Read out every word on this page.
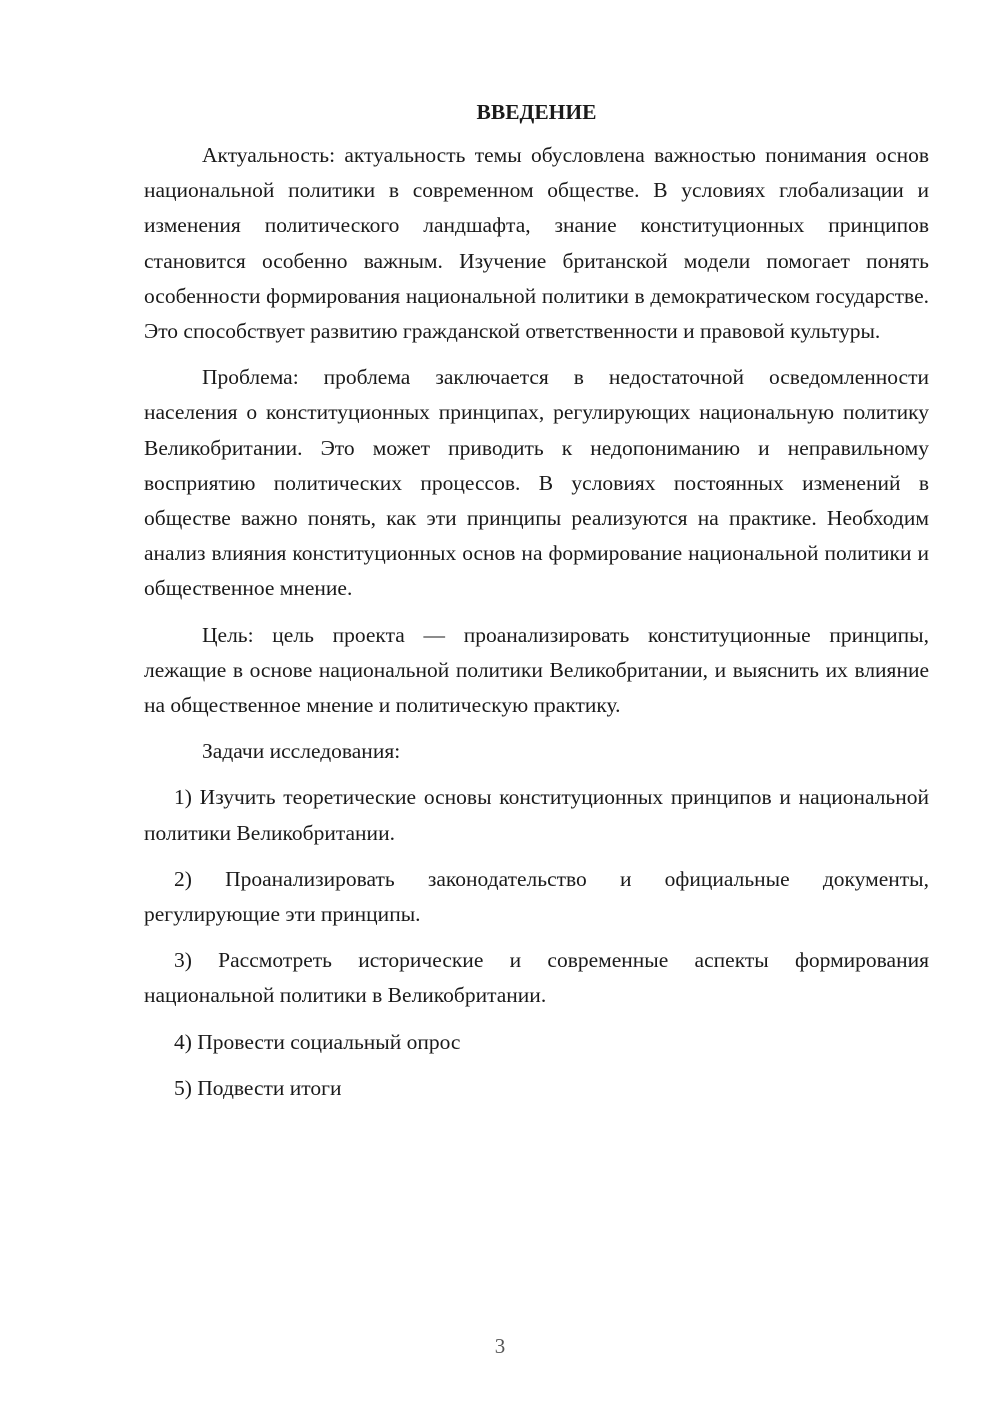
ВВЕДЕНИЕ

Актуальность: актуальность темы обусловлена важностью понимания основ национальной политики в современном обществе. В условиях глобализации и изменения политического ландшафта, знание конституционных принципов становится особенно важным. Изучение британской модели помогает понять особенности формирования национальной политики в демократическом государстве. Это способствует развитию гражданской ответственности и правовой культуры.

Проблема: проблема заключается в недостаточной осведомленности населения о конституционных принципах, регулирующих национальную политику Великобритании. Это может приводить к недопониманию и неправильному восприятию политических процессов. В условиях постоянных изменений в обществе важно понять, как эти принципы реализуются на практике. Необходим анализ влияния конституционных основ на формирование национальной политики и общественное мнение.

Цель: цель проекта — проанализировать конституционные принципы, лежащие в основе национальной политики Великобритании, и выяснить их влияние на общественное мнение и политическую практику.

Задачи исследования:

1) Изучить теоретические основы конституционных принципов и национальной политики Великобритании.

2) Проанализировать законодательство и официальные документы, регулирующие эти принципы.

3) Рассмотреть исторические и современные аспекты формирования национальной политики в Великобритании.

4) Провести социальный опрос

5) Подвести итоги

3
